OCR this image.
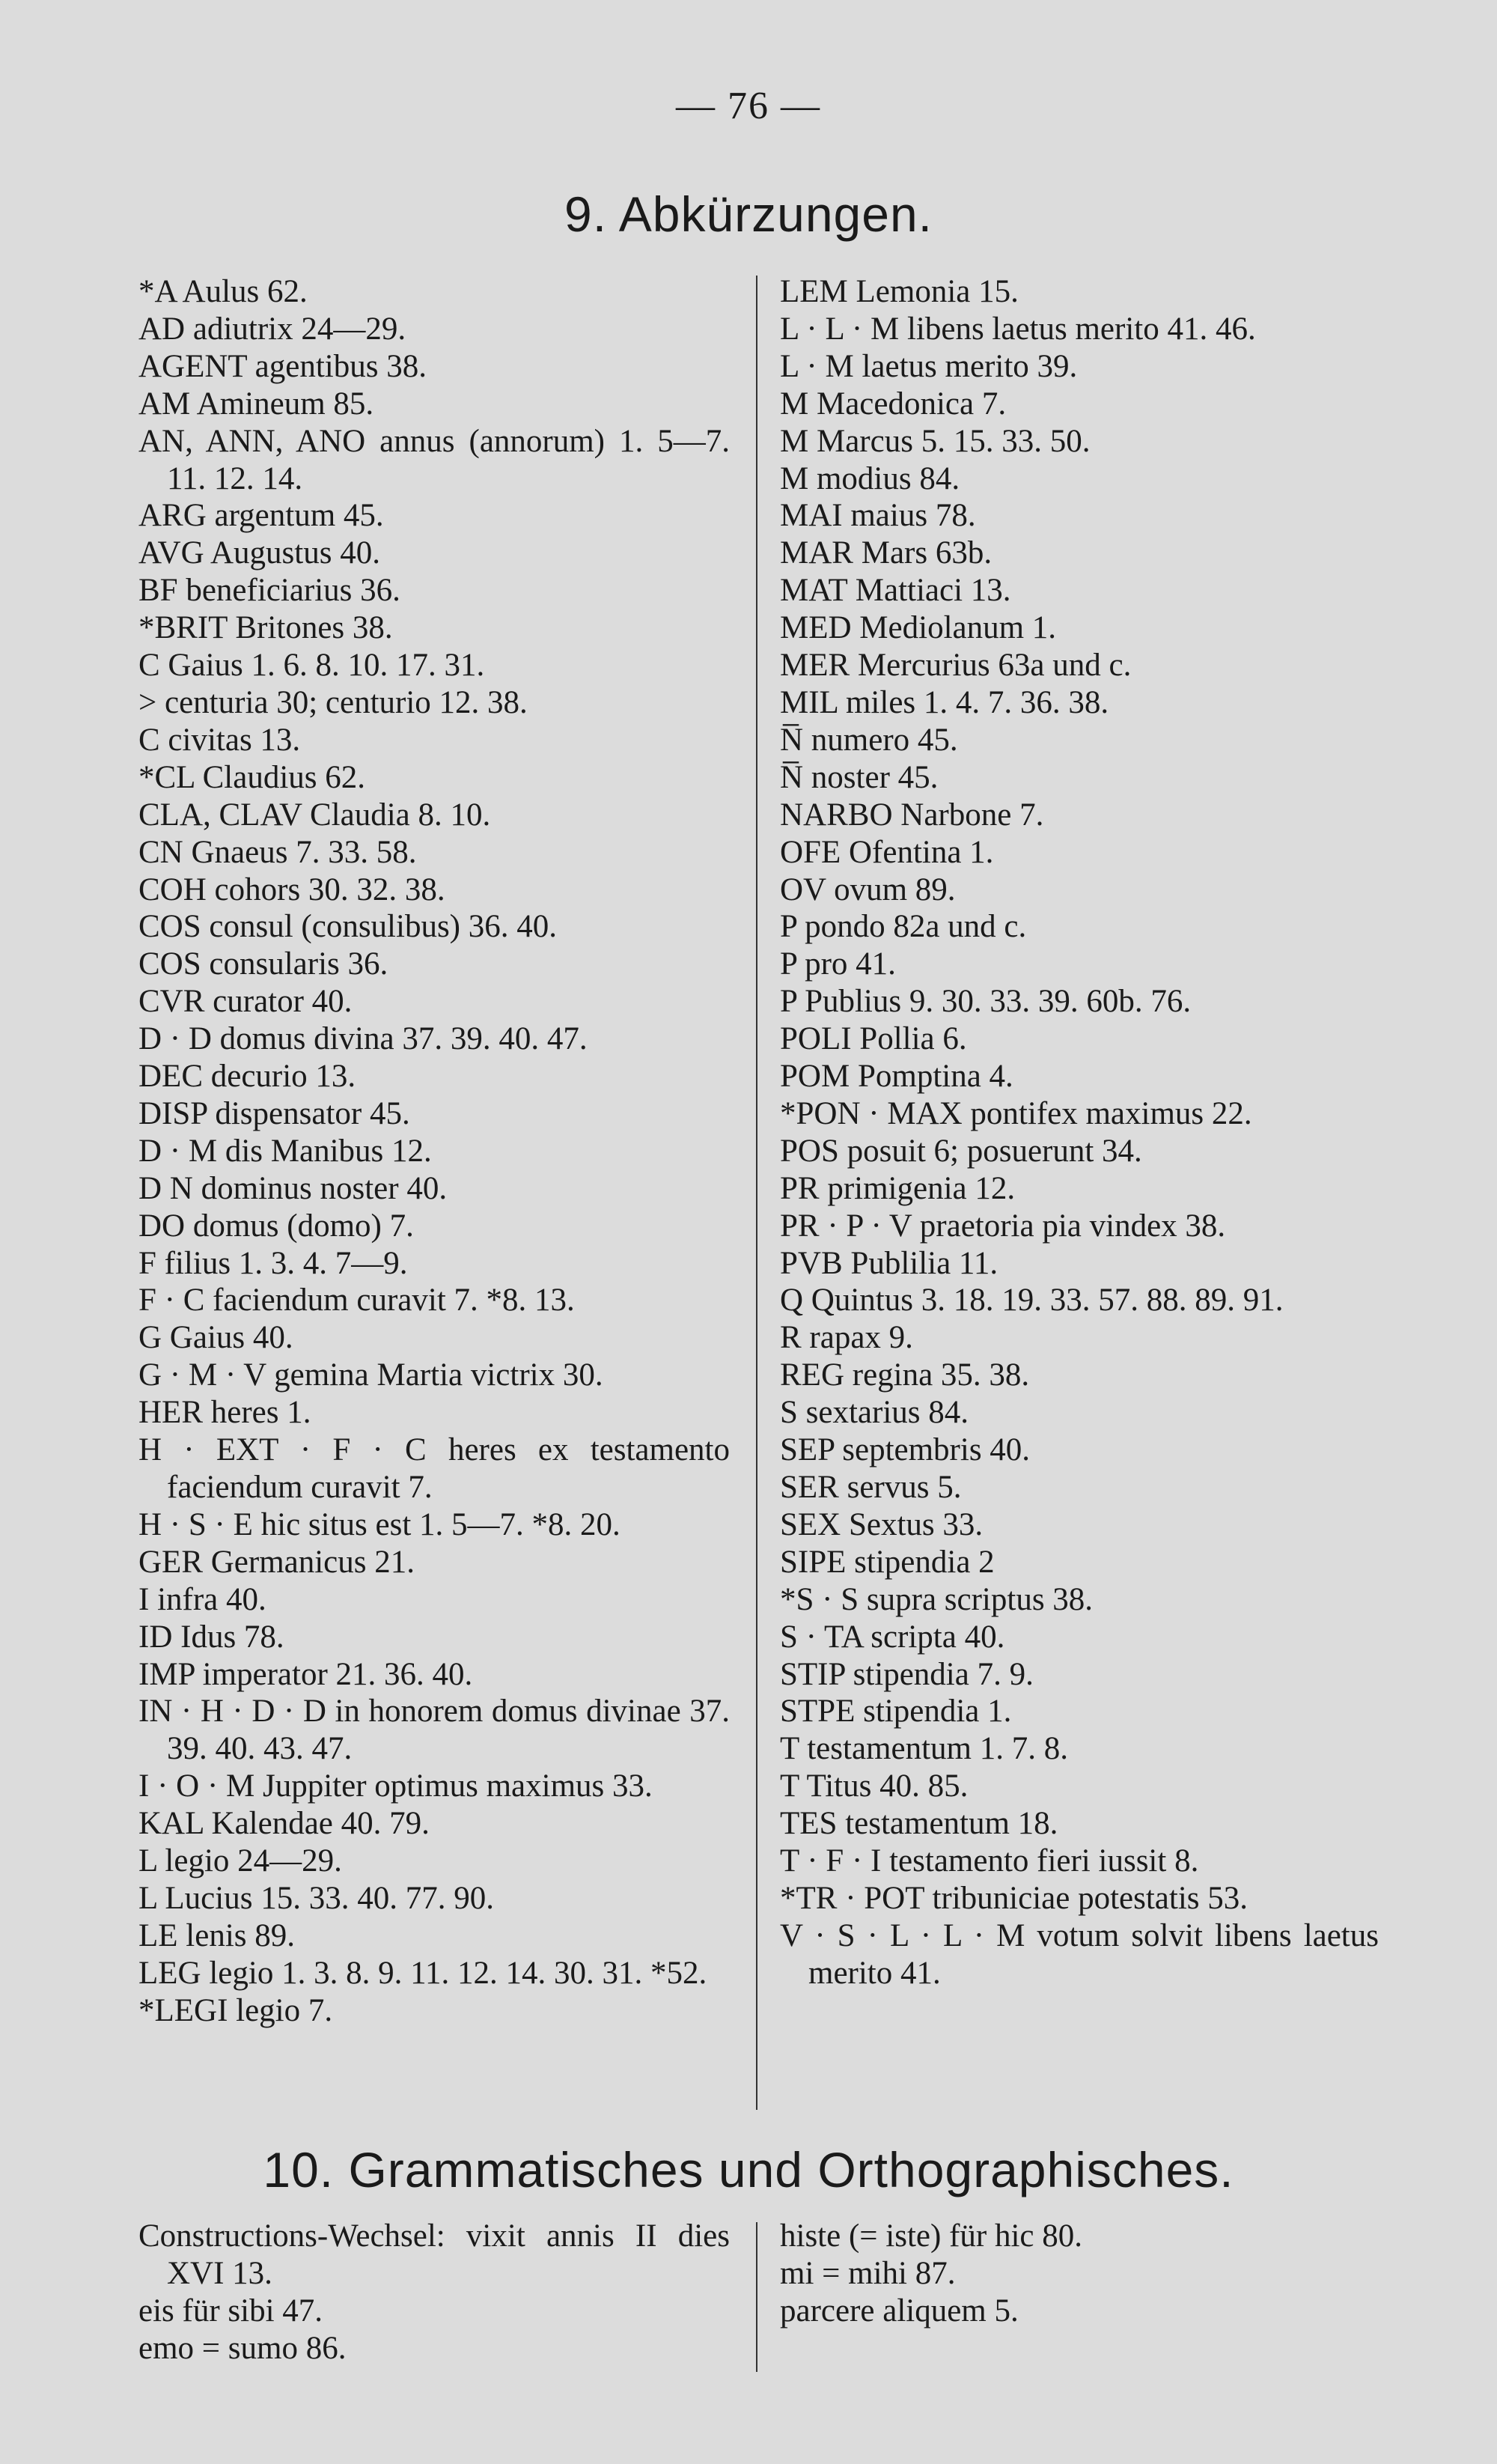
— 76 —
9. Abkürzungen.
*A Aulus 62.
AD adiutrix 24—29.
AGENT agentibus 38.
AM Amineum 85.
AN, ANN, ANO annus (annorum) 1. 5—7. 11. 12. 14.
ARG argentum 45.
AVG Augustus 40.
BF beneficiarius 36.
*BRIT Britones 38.
C Gaius 1. 6. 8. 10. 17. 31.
> centuria 30; centurio 12. 38.
C civitas 13.
*CL Claudius 62.
CLA, CLAV Claudia 8. 10.
CN Gnaeus 7. 33. 58.
COH cohors 30. 32. 38.
COS consul (consulibus) 36. 40.
COS consularis 36.
CVR curator 40.
D · D domus divina 37. 39. 40. 47.
DEC decurio 13.
DISP dispensator 45.
D · M dis Manibus 12.
D N dominus noster 40.
DO domus (domo) 7.
F filius 1. 3. 4. 7—9.
F · C faciendum curavit 7. *8. 13.
G Gaius 40.
G · M · V gemina Martia victrix 30.
HER heres 1.
H · EXT · F · C heres ex testamento faciendum curavit 7.
H · S · E hic situs est 1. 5—7. *8. 20.
GER Germanicus 21.
I infra 40.
ID Idus 78.
IMP imperator 21. 36. 40.
IN · H · D · D in honorem domus divinae 37. 39. 40. 43. 47.
I · O · M Juppiter optimus maximus 33.
KAL Kalendae 40. 79.
L legio 24—29.
L Lucius 15. 33. 40. 77. 90.
LE lenis 89.
LEG legio 1. 3. 8. 9. 11. 12. 14. 30. 31. *52.
*LEGI legio 7.
LEM Lemonia 15.
L · L · M libens laetus merito 41. 46.
L · M laetus merito 39.
M Macedonica 7.
M Marcus 5. 15. 33. 50.
M modius 84.
MAI maius 78.
MAR Mars 63b.
MAT Mattiaci 13.
MED Mediolanum 1.
MER Mercurius 63a und c.
MIL miles 1. 4. 7. 36. 38.
N̅ numero 45.
N̅ noster 45.
NARBO Narbone 7.
OFE Ofentina 1.
OV ovum 89.
P pondo 82a und c.
P pro 41.
P Publius 9. 30. 33. 39. 60b. 76.
POLI Pollia 6.
POM Pomptina 4.
*PON · MAX pontifex maximus 22.
POS posuit 6; posuerunt 34.
PR primigenia 12.
PR · P · V praetoria pia vindex 38.
PVB Publilia 11.
Q Quintus 3. 18. 19. 33. 57. 88. 89. 91.
R rapax 9.
REG regina 35. 38.
S sextarius 84.
SEP septembris 40.
SER servus 5.
SEX Sextus 33.
SIPE stipendia 2
*S · S supra scriptus 38.
S · TA scripta 40.
STIP stipendia 7. 9.
STPE stipendia 1.
T testamentum 1. 7. 8.
T Titus 40. 85.
TES testamentum 18.
T · F · I testamento fieri iussit 8.
*TR · POT tribuniciae potestatis 53.
V · S · L · L · M votum solvit libens laetus merito 41.
10. Grammatisches und Orthographisches.
Constructions-Wechsel: vixit annis II dies XVI 13.
eis für sibi 47.
emo = sumo 86.
histe (= iste) für hic 80.
mi = mihi 87.
parcere aliquem 5.
